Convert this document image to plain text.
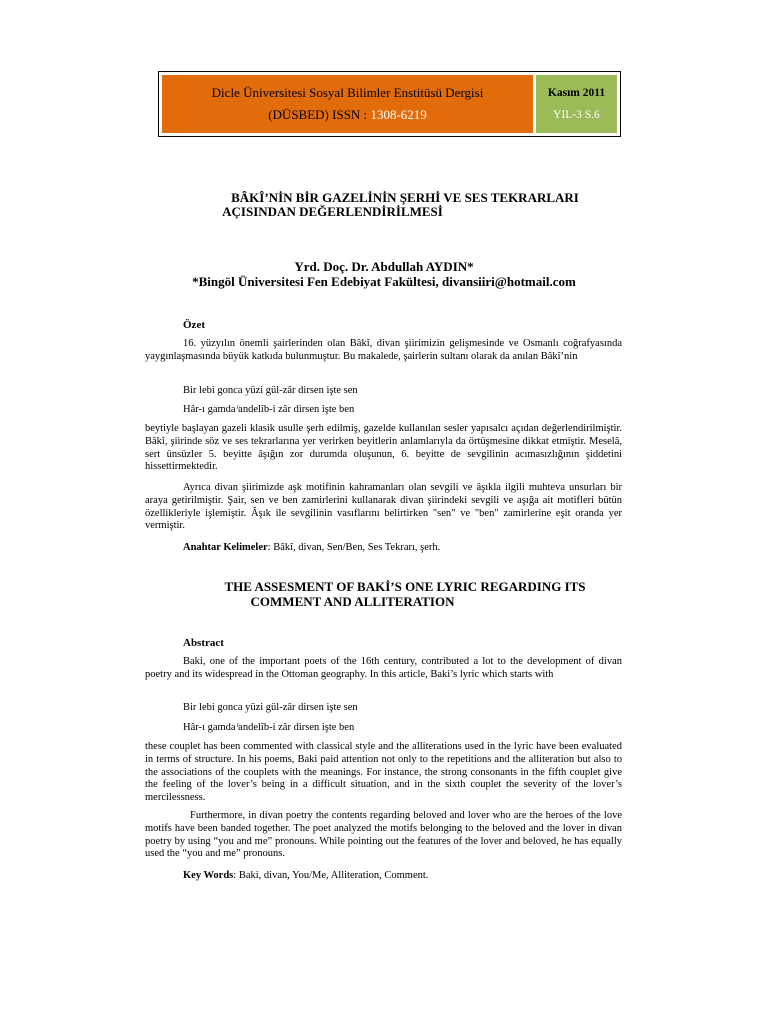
Dicle Üniversitesi Sosyal Bilimler Enstitüsü Dergisi
(DÜSBED) ISSN : 1308-6219
Kasım 2011
YIL-3 S.6
BÂKÎ’NİN BİR GAZELİNİN ŞERHİ VE SES TEKRARLARI
AÇISINDAN DEĞERLENDİRİLMESİ
Yrd. Doç. Dr. Abdullah AYDIN*
*Bingöl Üniversitesi Fen Edebiyat Fakültesi, divansiiri@hotmail.com
Özet
16. yüzyılın önemli şairlerinden olan Bâkî, divan şiirimizin gelişmesinde ve Osmanlı coğrafyasında yaygınlaşmasında büyük katkıda bulunmuştur. Bu makalede, şairlerin sultanı olarak da anılan Bâkî’nin
Bir lebi gonca yüzi gül-zâr dirsen işte sen
Hâr-ı gamda ͨandelîb-i zâr dirsen işte ben
beytiyle başlayan gazeli klasik usulle şerh edilmiş, gazelde kullanılan sesler yapısalcı açıdan değerlendirilmiştir. Bâkî, şiirinde söz ve ses tekrarlarına yer verirken beyitlerin anlamlarıyla da örtüşmesine dikkat etmiştir. Meselâ, sert ünsüzler 5. beyitte âşığın zor durumda oluşunun, 6. beyitte de sevgilinin acımasızlığının şiddetini hissettirmektedir.
Ayrıca divan şiirimizde aşk motifinin kahramanları olan sevgili ve âşıkla ilgili muhteva unsurları bir araya getirilmiştir. Şair, sen ve ben zamirlerini kullanarak divan şiirindeki sevgili ve aşığa ait motifleri bütün özellikleriyle işlemiştir. Âşık ile sevgilinin vasıflarını belirtirken "sen" ve "ben" zamirlerine eşit oranda yer vermiştir.
Anahtar Kelimeler: Bâkî, divan, Sen/Ben, Ses Tekrarı, şerh.
THE ASSESMENT OF BAKİ’S ONE LYRIC REGARDING ITS
COMMENT AND ALLITERATION
Abstract
Baki, one of the important poets of the 16th century, contributed a lot to the development of divan poetry and its widespread in the Ottoman geography. In this article, Baki’s lyric which starts with
Bir lebi gonca yüzi gül-zâr dirsen işte sen
Hâr-ı gamda ͨandelîb-i zâr dirsen işte ben
these couplet has been commented with classical style and the alliterations used in the lyric have been evaluated in terms of structure. In his poems, Baki paid attention not only to the repetitions and the alliteration but also to the associations of the couplets with the meanings. For instance, the strong consonants in the fifth couplet give the feeling of the lover’s being in a difficult situation, and in the sixth couplet the severity of the lover’s mercilessness.
Furthermore, in divan poetry the contents regarding beloved and lover who are the heroes of the love motifs have been banded together. The poet analyzed the motifs belonging to the beloved and the lover in divan poetry by using “you and me” pronouns. While pointing out the features of the lover and beloved, he has equally used the “you and me” pronouns.
Key Words: Baki, divan, You/Me, Alliteration, Comment.
